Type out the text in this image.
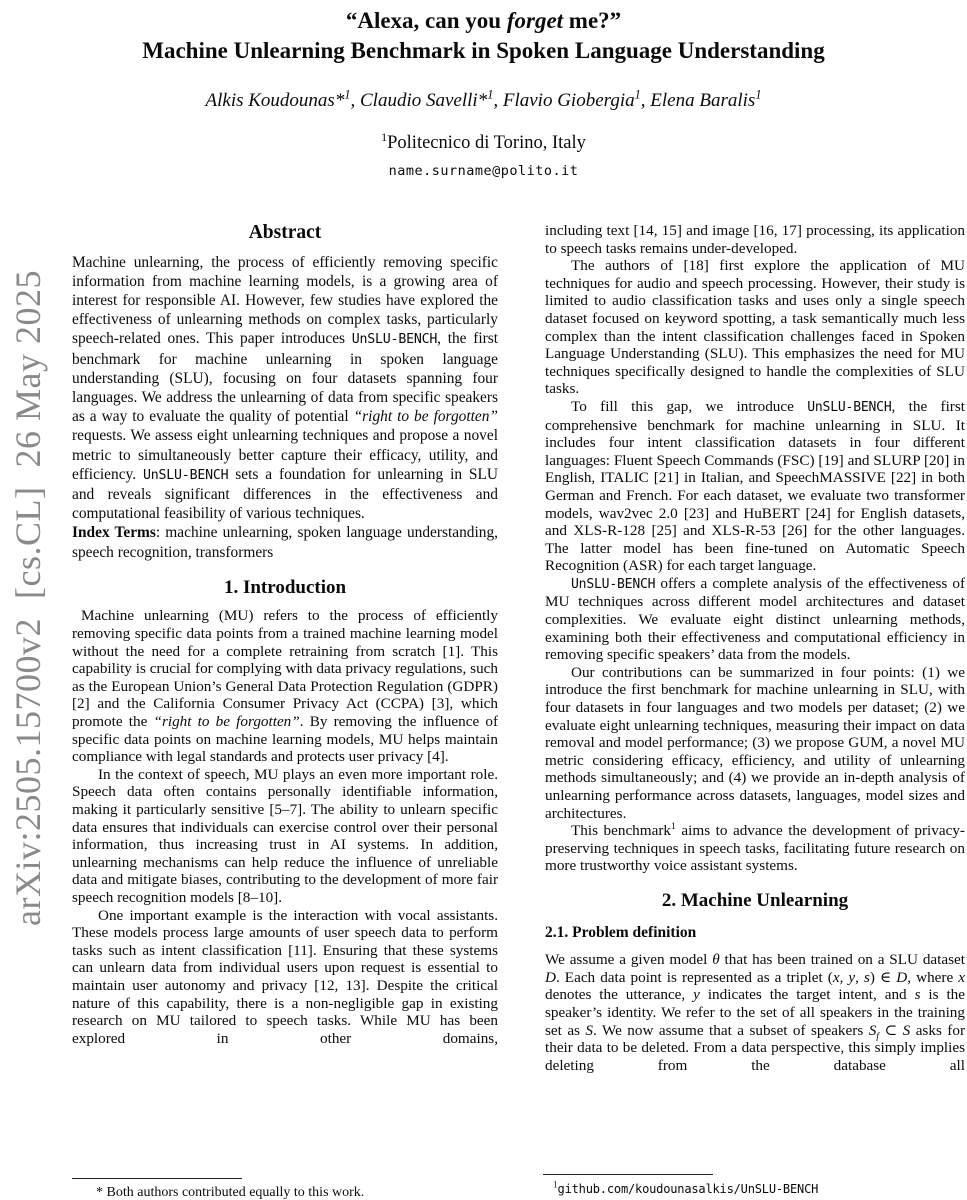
arXiv:2505.15700v2  [cs.CL]  26 May 2025
“Alexa, can you forget me?”
Machine Unlearning Benchmark in Spoken Language Understanding
Alkis Koudounas*$^1$, Claudio Savelli*$^1$, Flavio Giobergia$^1$, Elena Baralis$^1$
$^1$Politecnico di Torino, Italy
name.surname@polito.it
Abstract

Machine unlearning, the process of efficiently removing specific information from machine learning models, is a growing area of interest for responsible AI. However, few studies have explored the effectiveness of unlearning methods on complex tasks, particularly speech-related ones. This paper introduces UnSLU-BENCH, the first benchmark for machine unlearning in spoken language understanding (SLU), focusing on four datasets spanning four languages. We address the unlearning of data from specific speakers as a way to evaluate the quality of potential “right to be forgotten” requests. We assess eight unlearning techniques and propose a novel metric to simultaneously better capture their efficacy, utility, and efficiency. UnSLU-BENCH sets a foundation for unlearning in SLU and reveals significant differences in the effectiveness and computational feasibility of various techniques.

Index Terms: machine unlearning, spoken language understanding, speech recognition, transformers

1. Introduction

Machine unlearning (MU) refers to the process of efficiently removing specific data points from a trained machine learning model without the need for a complete retraining from scratch [1]. This capability is crucial for complying with data privacy regulations, such as the European Union’s General Data Protection Regulation (GDPR) [2] and the California Consumer Privacy Act (CCPA) [3], which promote the “right to be forgotten”. By removing the influence of specific data points on machine learning models, MU helps maintain compliance with legal standards and protects user privacy [4].

In the context of speech, MU plays an even more important role. Speech data often contains personally identifiable information, making it particularly sensitive [5–7]. The ability to unlearn specific data ensures that individuals can exercise control over their personal information, thus increasing trust in AI systems. In addition, unlearning mechanisms can help reduce the influence of unreliable data and mitigate biases, contributing to the development of more fair speech recognition models [8–10].

One important example is the interaction with vocal assistants. These models process large amounts of user speech data to perform tasks such as intent classification [11]. Ensuring that these systems can unlearn data from individual users upon request is essential to maintain user autonomy and privacy [12, 13]. Despite the critical nature of this capability, there is a non-negligible gap in existing research on MU tailored to speech tasks. While MU has been explored in other domains,

including text [14, 15] and image [16, 17] processing, its application to speech tasks remains under-developed.

The authors of [18] first explore the application of MU techniques for audio and speech processing. However, their study is limited to audio classification tasks and uses only a single speech dataset focused on keyword spotting, a task semantically much less complex than the intent classification challenges faced in Spoken Language Understanding (SLU). This emphasizes the need for MU techniques specifically designed to handle the complexities of SLU tasks.

To fill this gap, we introduce UnSLU-BENCH, the first comprehensive benchmark for machine unlearning in SLU. It includes four intent classification datasets in four different languages: Fluent Speech Commands (FSC) [19] and SLURP [20] in English, ITALIC [21] in Italian, and SpeechMASSIVE [22] in both German and French. For each dataset, we evaluate two transformer models, wav2vec 2.0 [23] and HuBERT [24] for English datasets, and XLS-R-128 [25] and XLS-R-53 [26] for the other languages. The latter model has been fine-tuned on Automatic Speech Recognition (ASR) for each target language.

UnSLU-BENCH offers a complete analysis of the effectiveness of MU techniques across different model architectures and dataset complexities. We evaluate eight distinct unlearning methods, examining both their effectiveness and computational efficiency in removing specific speakers’ data from the models.

Our contributions can be summarized in four points: (1) we introduce the first benchmark for machine unlearning in SLU, with four datasets in four languages and two models per dataset; (2) we evaluate eight unlearning techniques, measuring their impact on data removal and model performance; (3) we propose GUM, a novel MU metric considering efficacy, efficiency, and utility of unlearning methods simultaneously; and (4) we provide an in-depth analysis of unlearning performance across datasets, languages, model sizes and architectures.

This benchmark$^1$ aims to advance the development of privacy-preserving techniques in speech tasks, facilitating future research on more trustworthy voice assistant systems.

2. Machine Unlearning
2.1. Problem definition

We assume a given model θ that has been trained on a SLU dataset D. Each data point is represented as a triplet (x, y, s) ∈ D, where x denotes the utterance, y indicates the target intent, and s is the speaker’s identity. We refer to the set of all speakers in the training set as S. We now assume that a subset of speakers $S_f$ ⊂ S asks for their data to be deleted. From a data perspective, this simply implies deleting from the database all

* Both authors contributed equally to this work.

$^1$github.com/koudounasalkis/UnSLU-BENCH
